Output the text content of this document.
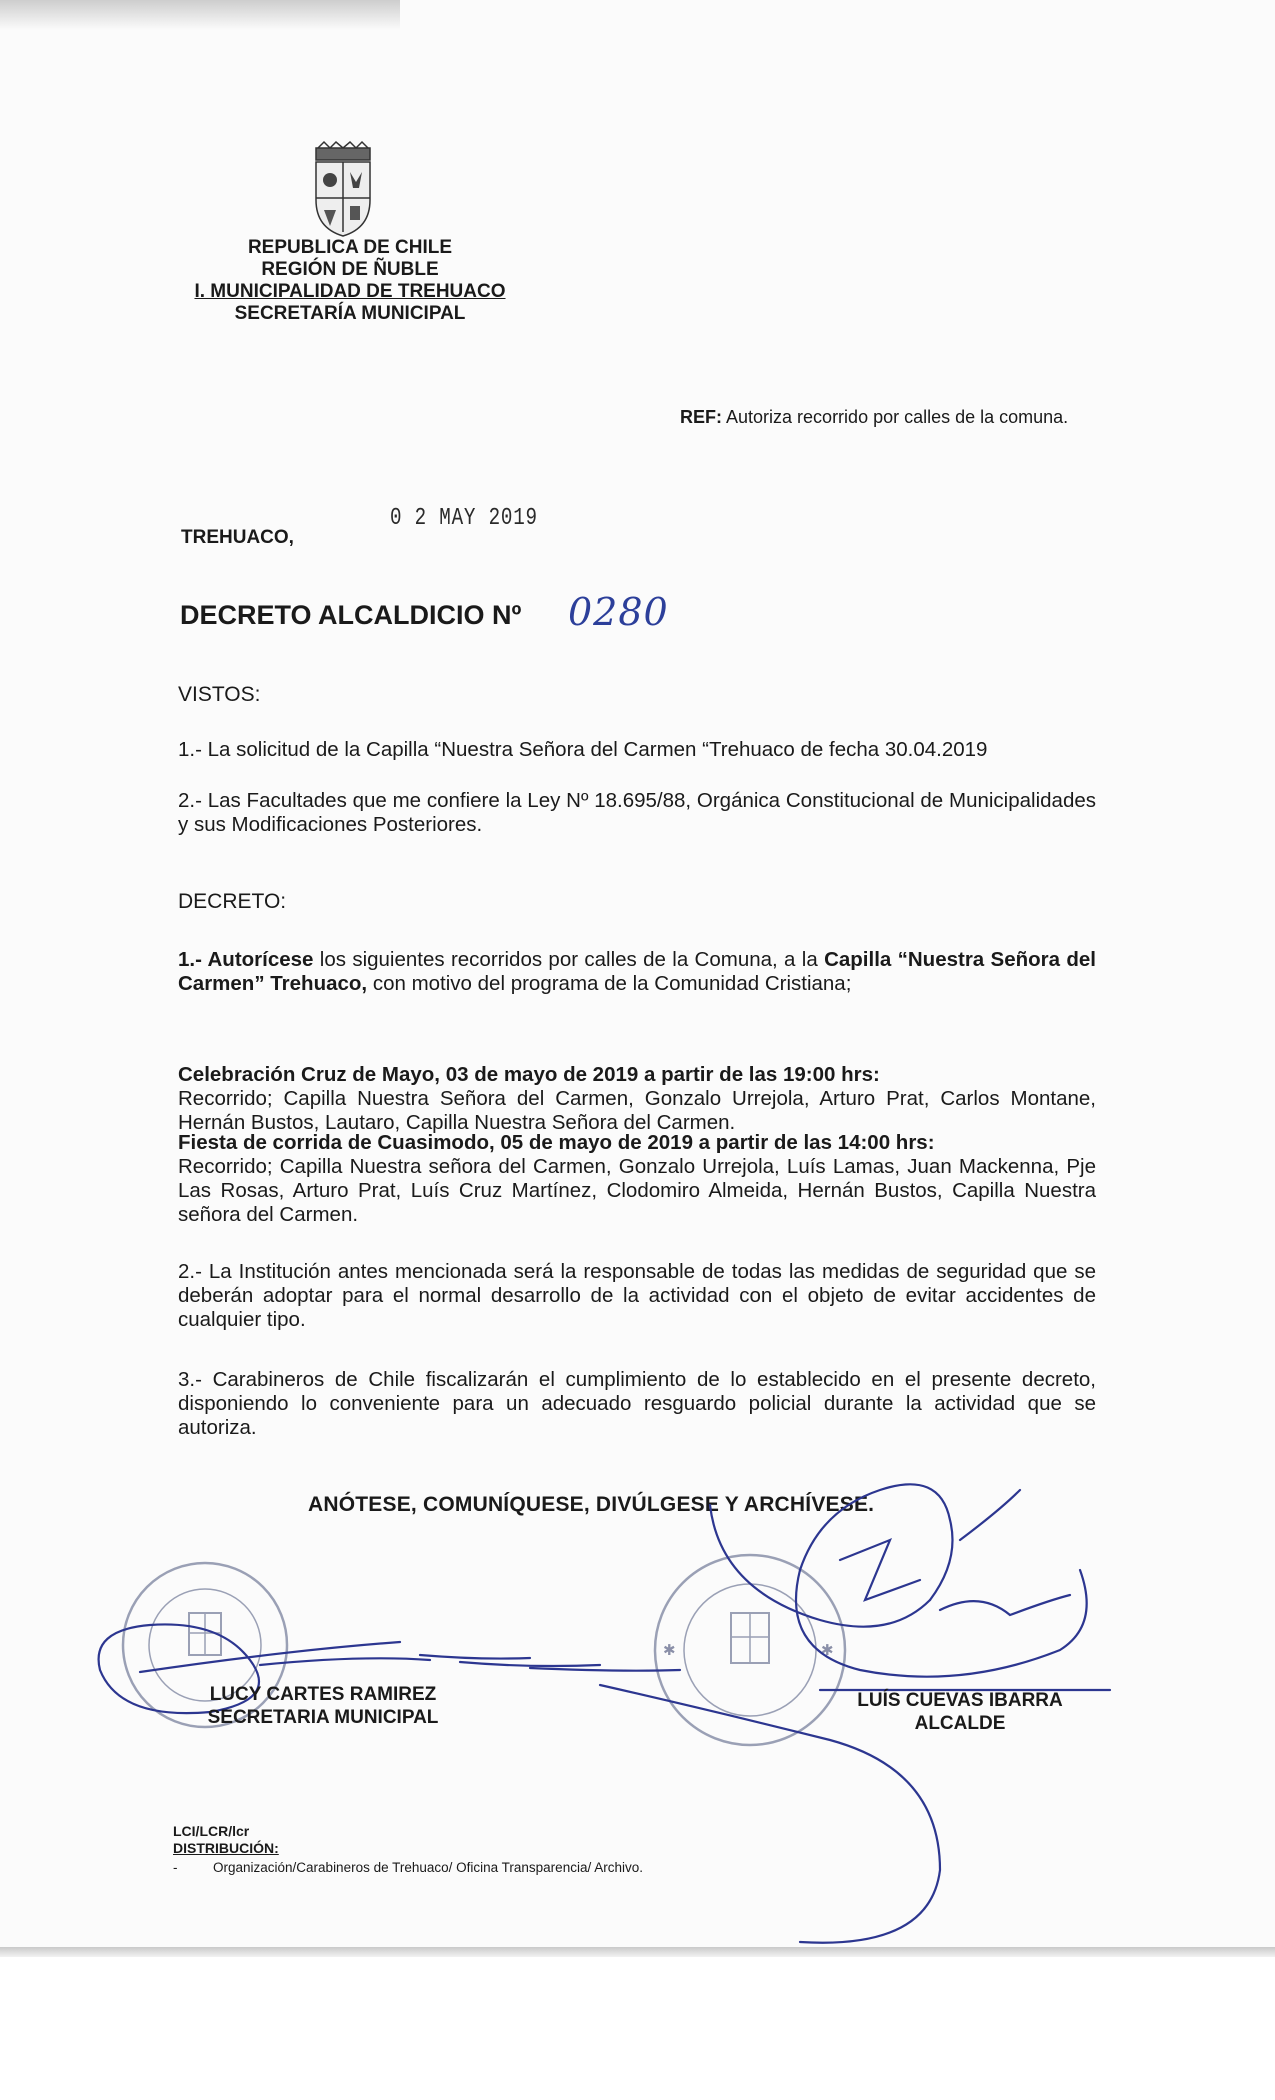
REPUBLICA DE CHILE
REGIÓN DE ÑUBLE
I. MUNICIPALIDAD DE TREHUACO
SECRETARÍA MUNICIPAL
REF: Autoriza recorrido por calles de la comuna.
TREHUACO,
0 2 MAY 2019
DECRETO ALCALDICIO Nº 0280
VISTOS:
1.- La solicitud de la Capilla “Nuestra Señora del Carmen “Trehuaco de fecha 30.04.2019
2.- Las Facultades que me confiere la Ley Nº 18.695/88, Orgánica Constitucional de Municipalidades y sus Modificaciones Posteriores.
DECRETO:
1.- Autorícese los siguientes recorridos por calles de la Comuna, a la Capilla “Nuestra Señora del Carmen” Trehuaco, con motivo del programa de la Comunidad Cristiana;
Celebración Cruz de Mayo, 03 de mayo de 2019 a partir de las 19:00 hrs:
Recorrido; Capilla Nuestra Señora del Carmen, Gonzalo Urrejola, Arturo Prat, Carlos Montane, Hernán Bustos, Lautaro, Capilla Nuestra Señora del Carmen.
Fiesta de corrida de Cuasimodo, 05 de mayo de 2019 a partir de las 14:00 hrs:
Recorrido; Capilla Nuestra señora del Carmen, Gonzalo Urrejola, Luís Lamas, Juan Mackenna, Pje Las Rosas, Arturo Prat, Luís Cruz Martínez, Clodomiro Almeida, Hernán Bustos, Capilla Nuestra señora del Carmen.
2.- La Institución antes mencionada será la responsable de todas las medidas de seguridad que se deberán adoptar para el normal desarrollo de la actividad con el objeto de evitar accidentes de cualquier tipo.
3.- Carabineros de Chile fiscalizarán el cumplimiento de lo establecido en el presente decreto, disponiendo lo conveniente para un adecuado resguardo policial durante la actividad que se autoriza.
ANÓTESE, COMUNÍQUESE, DIVÚLGESE Y ARCHÍVESE.
✱	✱
LUCY CARTES RAMIREZ
SECRETARIA MUNICIPAL
LUÍS CUEVAS IBARRA
ALCALDE
LCI/LCR/lcr
DISTRIBUCIÓN:
-	Organización/Carabineros de Trehuaco/ Oficina Transparencia/ Archivo.
